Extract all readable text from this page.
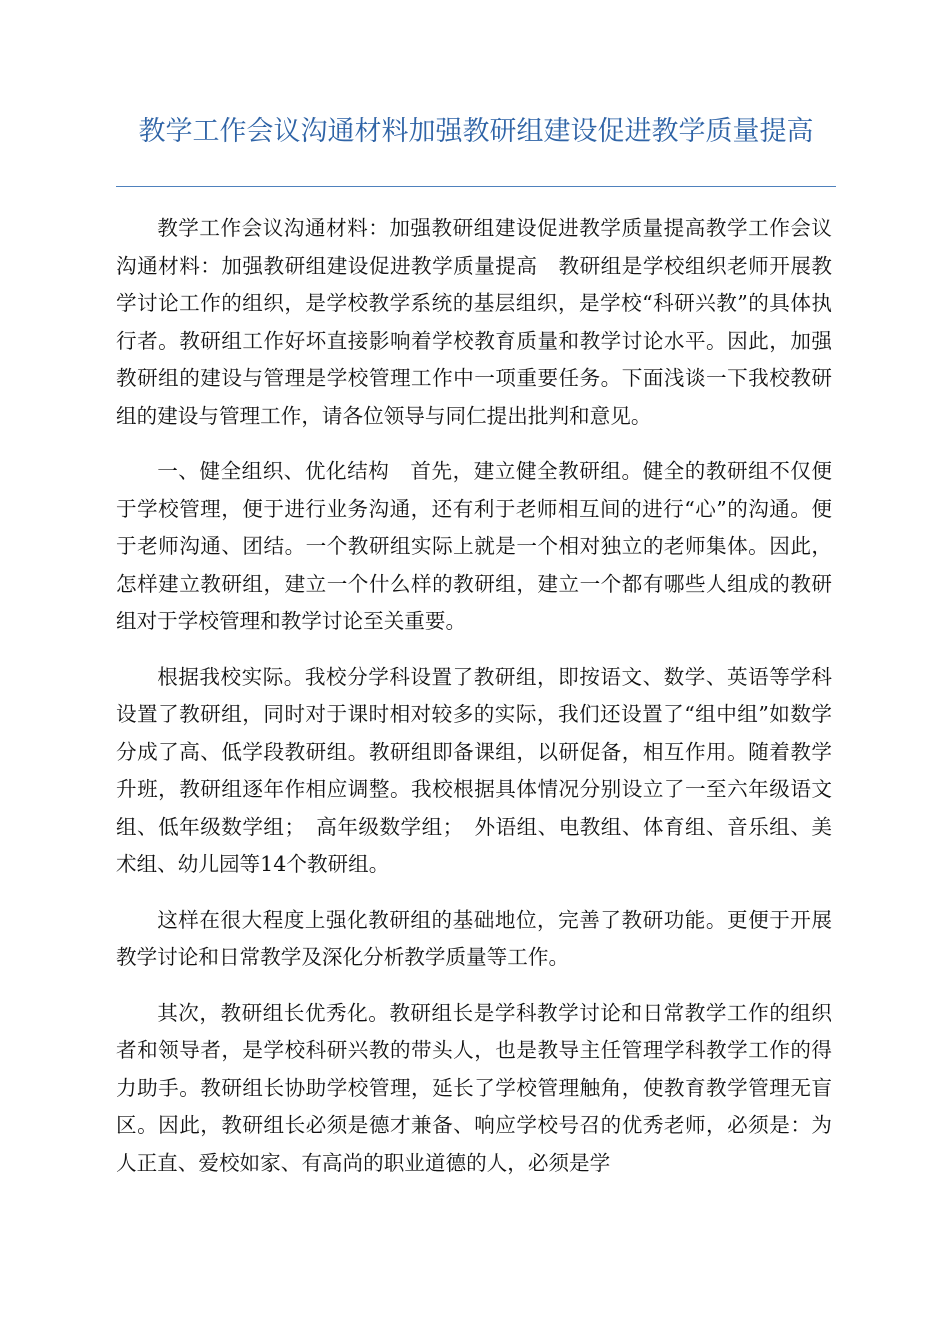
教学工作会议沟通材料加强教研组建设促进教学质量提高

教学工作会议沟通材料：加强教研组建设促进教学质量提高教学工作会议沟通材料：加强教研组建设促进教学质量提高　教研组是学校组织老师开展教学讨论工作的组织，是学校教学系统的基层组织，是学校“科研兴教”的具体执行者。教研组工作好坏直接影响着学校教育质量和教学讨论水平。因此，加强教研组的建设与管理是学校管理工作中一项重要任务。下面浅谈一下我校教研组的建设与管理工作，请各位领导与同仁提出批判和意见。

一、健全组织、优化结构　首先，建立健全教研组。健全的教研组不仅便于学校管理，便于进行业务沟通，还有利于老师相互间的进行“心”的沟通。便于老师沟通、团结。一个教研组实际上就是一个相对独立的老师集体。因此，怎样建立教研组，建立一个什么样的教研组，建立一个都有哪些人组成的教研组对于学校管理和教学讨论至关重要。

根据我校实际。我校分学科设置了教研组，即按语文、数学、英语等学科设置了教研组，同时对于课时相对较多的实际，我们还设置了“组中组”如数学分成了高、低学段教研组。教研组即备课组，以研促备，相互作用。随着教学升班，教研组逐年作相应调整。我校根据具体情况分别设立了一至六年级语文组、低年级数学组；　高年级数学组；　外语组、电教组、体育组、音乐组、美术组、幼儿园等14个教研组。

这样在很大程度上强化教研组的基础地位，完善了教研功能。更便于开展教学讨论和日常教学及深化分析教学质量等工作。

其次，教研组长优秀化。教研组长是学科教学讨论和日常教学工作的组织者和领导者，是学校科研兴教的带头人，也是教导主任管理学科教学工作的得力助手。教研组长协助学校管理，延长了学校管理触角，使教育教学管理无盲区。因此，教研组长必须是德才兼备、响应学校号召的优秀老师，必须是：为人正直、爱校如家、有高尚的职业道德的人，必须是学
